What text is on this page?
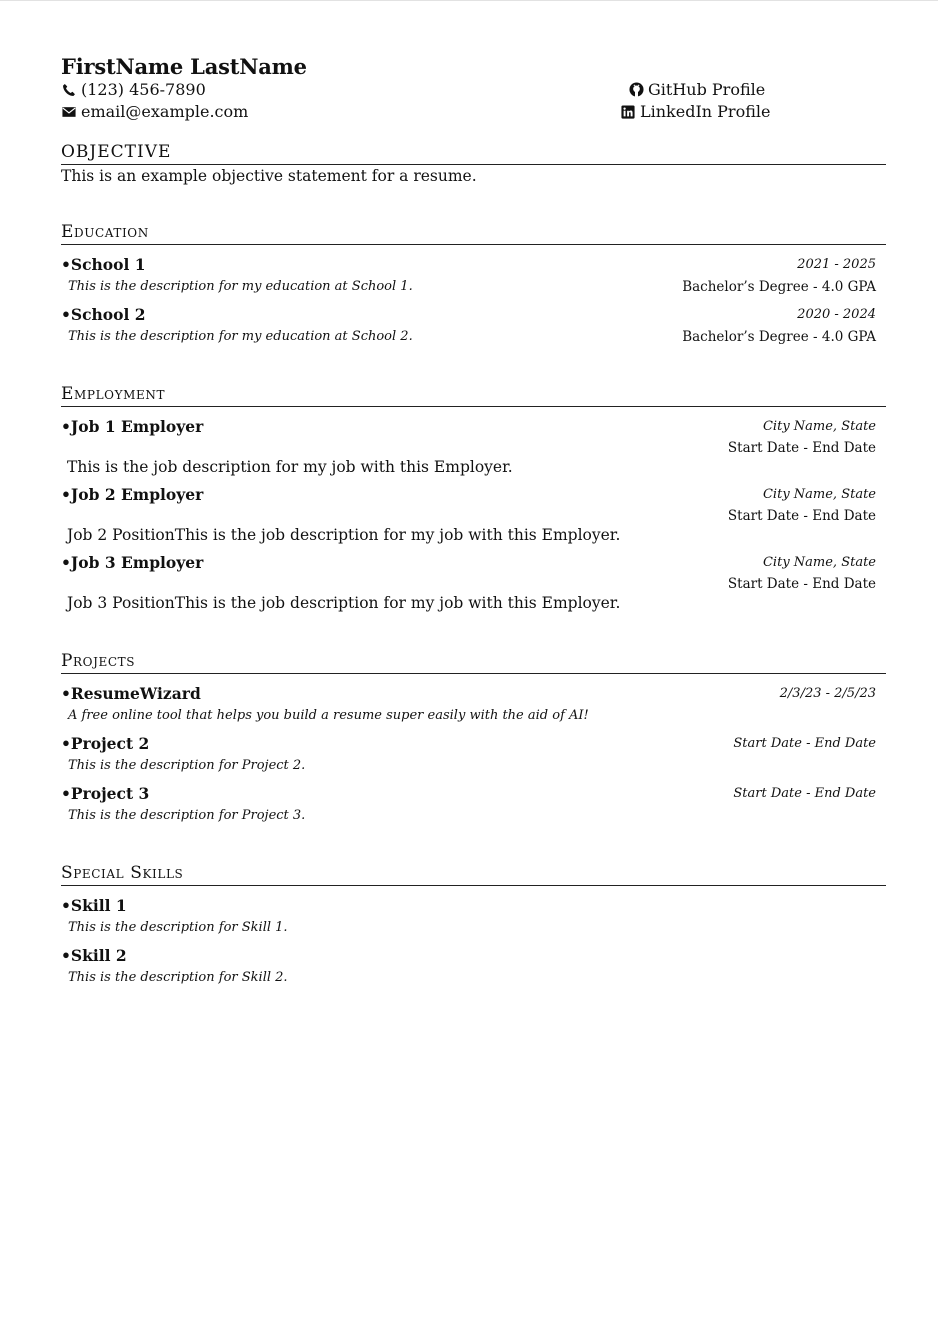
FirstName LastName
(123) 456-7890
email@example.com
GitHub Profile
LinkedIn Profile
OBJECTIVE
This is an example objective statement for a resume.
Education
•School 1	2021 - 2025
This is the description for my education at School 1.	Bachelor’s Degree - 4.0 GPA
•School 2	2020 - 2024
This is the description for my education at School 2.	Bachelor’s Degree - 4.0 GPA
Employment
•Job 1 Employer	City Name, State
Start Date - End Date
This is the job description for my job with this Employer.
•Job 2 Employer	City Name, State
Start Date - End Date
Job 2 PositionThis is the job description for my job with this Employer.
•Job 3 Employer	City Name, State
Start Date - End Date
Job 3 PositionThis is the job description for my job with this Employer.
Projects
•ResumeWizard	2/3/23 - 2/5/23
A free online tool that helps you build a resume super easily with the aid of AI!
•Project 2	Start Date - End Date
This is the description for Project 2.
•Project 3	Start Date - End Date
This is the description for Project 3.
Special Skills
•Skill 1
This is the description for Skill 1.
•Skill 2
This is the description for Skill 2.
